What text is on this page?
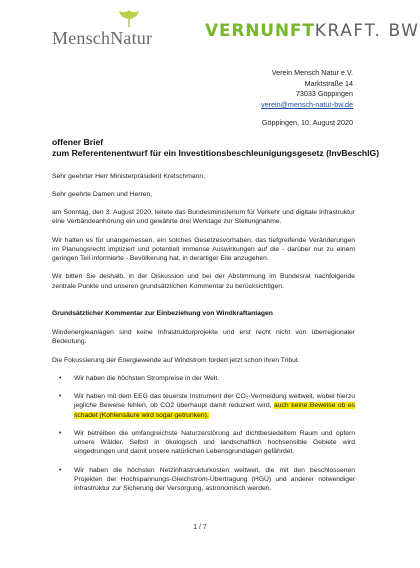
MenschNatur	VERNUNFTKRAFT. BW
Verein Mensch Natur e.V.
Marktstraße 14
73033 Göppingen
verein@mensch-natur-bw.de
Göppingen, 10. August 2020
offener Brief
zum Referentenentwurf für ein Investitionsbeschleunigungsgesetz (InvBeschlG)

Sehr geehrter Herr Ministerpräsident Kretschmann,

Sehr geehrte Damen und Herren,

am Sonntag, den 3. August 2020, leitete das Bundesministerium für Verkehr und digitale Infrastruktur eine Verbändeanhörung ein und gewährte drei Werktage zur Stellungnahme.

Wir halten es für unangemessen, ein solches Gesetzesvorhaben, das tiefgreifende Veränderungen im Planungsrecht impliziert und potentiell immense Auswirkungen auf die - darüber nur zu einem geringen Teil informierte - Bevölkerung hat, in derartiger Eile anzugehen.

Wir bitten Sie deshalb, in der Diskussion und bei der Abstimmung im Bundesrat nachfolgende zentrale Punkte und unseren grundsätzlichen Kommentar zu berücksichtigen.

Grundsätzlicher Kommentar zur Einbeziehung von Windkraftanlagen

Windenergieanlagen sind keine Infrastrukturprojekte und erst recht nicht von überregionaler Bedeutung.

Die Fokussierung der Energiewende auf Windstrom fordert jetzt schon ihren Tribut.

• Wir haben die höchsten Strompreise in der Welt.
• Wir haben mit dem EEG das teuerste Instrument der CO₂-Vermeidung weltweit, wobei hierzu jegliche Beweise fehlen, ob CO2 überhaupt damit reduziert wird, auch keine Beweise ob es schadet (Kohlensäure wird sogar getrunken).
• Wir betreiben die umfangreichste Naturzerstörung auf dichtbesiedeltem Raum und opfern unsere Wälder. Selbst in ökologisch und landschaftlich hochsensible Gebiete wird eingedrungen und damit unsere natürlichen Lebensgrundlagen gefährdet.
• Wir haben die höchsten Netzinfrastrukturkosten weltweit, die mit den beschlossenen Projekten der Hochspannungs-Gleichstrom-Übertragung (HGÜ) und anderer notwendiger Infrastruktur zur Sicherung der Versorgung, astronomisch werden.
1 / 7
